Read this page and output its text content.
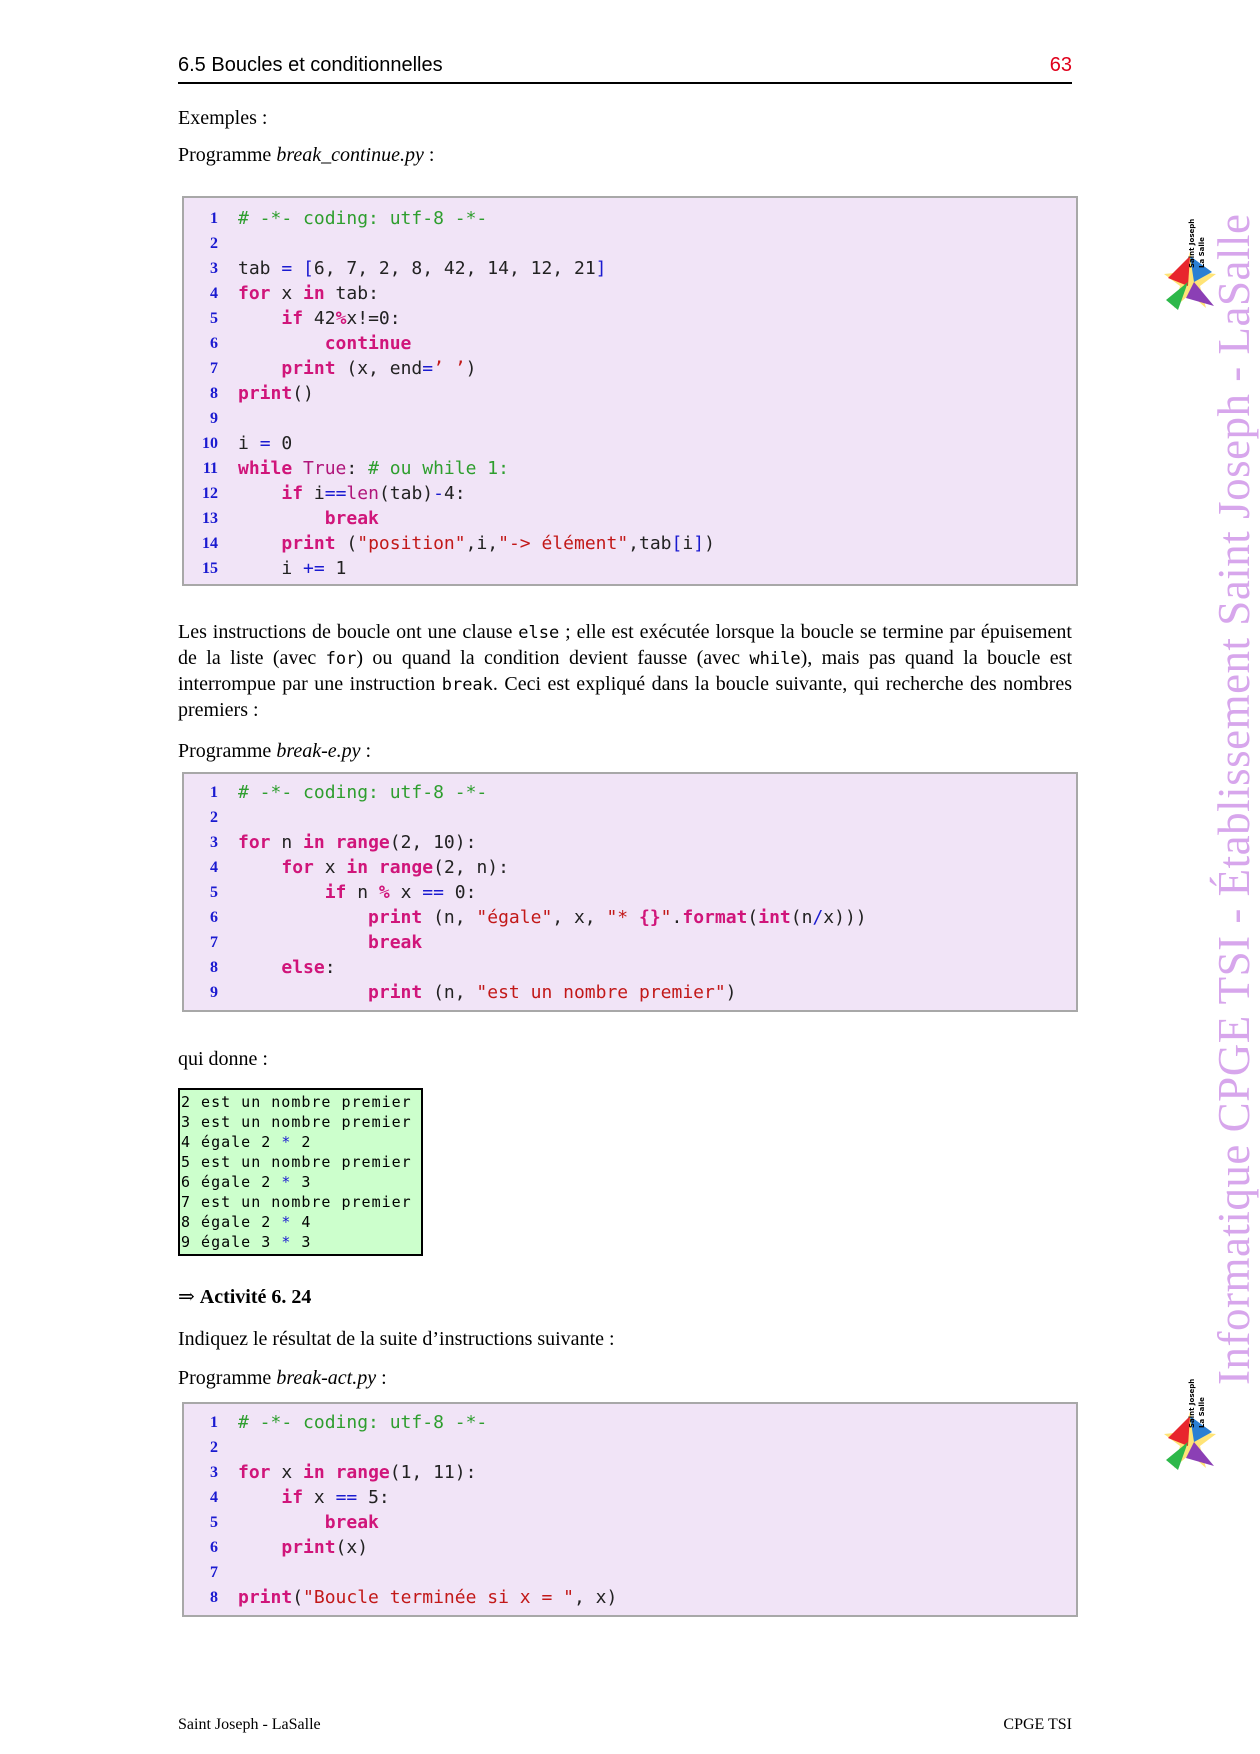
6.5 Boucles et conditionnelles	63
Exemples :
Programme break_continue.py :
1 # -*- coding: utf-8 -*-
2
3 tab = [6, 7, 2, 8, 42, 14, 12, 21]
4 for x in tab:
5	if 42%x!=0:
6	continue
7	print (x, end=’ ’)
8 print()
9
10 i = 0
11 while True: # ou while 1:
12	if i==len(tab)-4:
13	break
14	print ("position",i,"-> élément",tab[i])
15 i += 1
Les instructions de boucle ont une clause else ; elle est exécutée lorsque la boucle se termine par épuisement de la liste (avec for) ou quand la condition devient fausse (avec while), mais pas quand la boucle est interrompue par une instruction break. Ceci est expliqué dans la boucle suivante, qui recherche des nombres premiers :
Programme break-e.py :
1 # -*- coding: utf-8 -*-
2
3 for n in range(2, 10):
4	for x in range(2, n):
5	if n % x == 0:
6	print (n, "égale", x, "* {}".format(int(n/x)))
7	break
8	else:
9	print (n, "est un nombre premier")
qui donne :
2 est un nombre premier
3 est un nombre premier
4 égale 2 * 2
5 est un nombre premier
6 égale 2 * 3
7 est un nombre premier
8 égale 2 * 4
9 égale 3 * 3
⇒ Activité 6. 24
Indiquez le résultat de la suite d’instructions suivante :
Programme break-act.py :
1 # -*- coding: utf-8 -*-
2
3 for x in range(1, 11):
4	if x == 5:
5	break
6	print(x)
7
8 print("Boucle terminée si x = ", x)
Saint Joseph - LaSalle	CPGE TSI
Informatique CPGE TSI - Établissement Saint Joseph - LaSalle
Saint Joseph La Salle
Saint Joseph La Salle
